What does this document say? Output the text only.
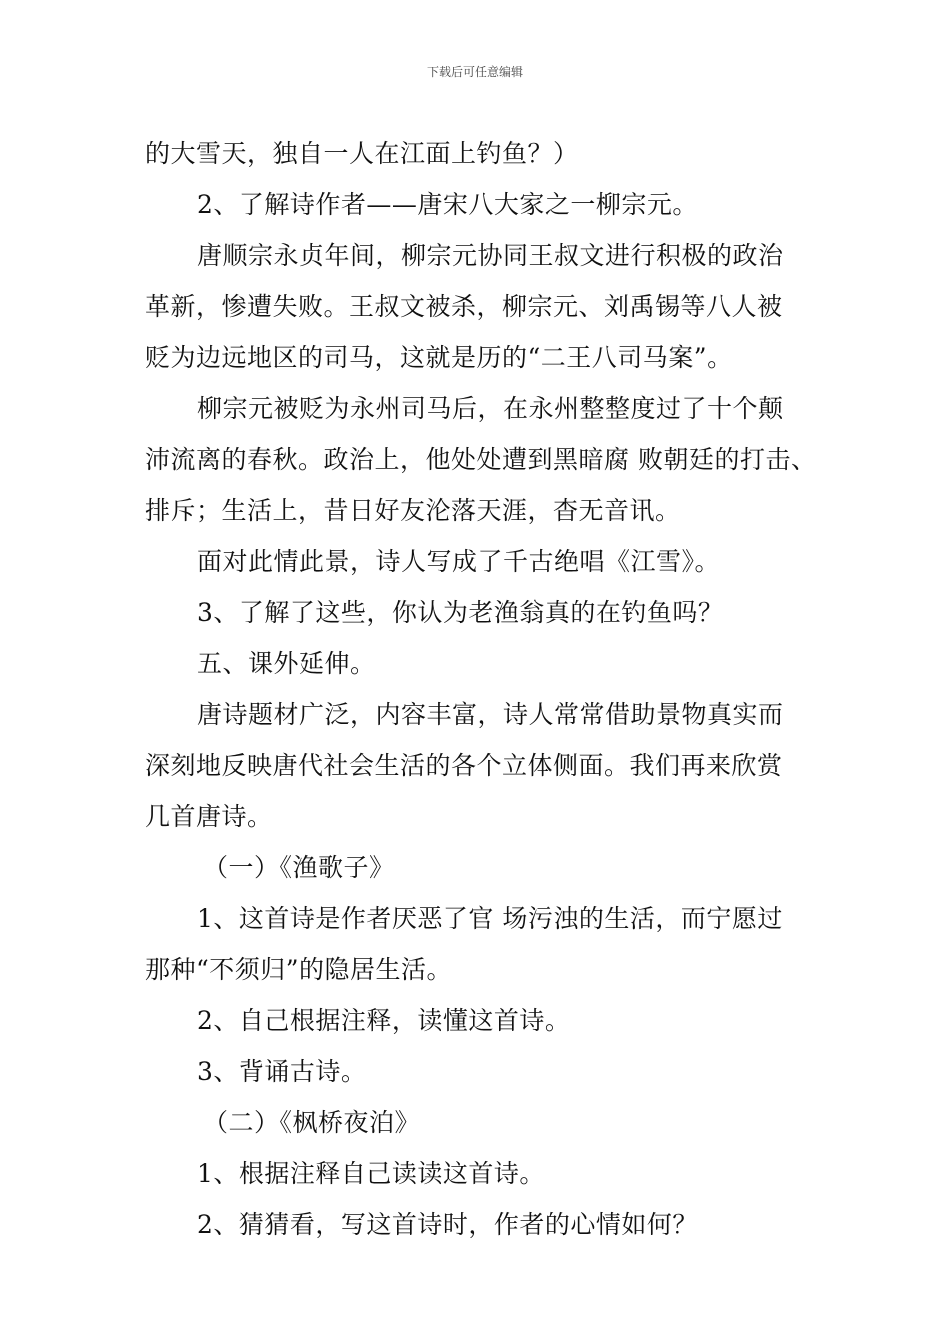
下载后可任意编辑
的大雪天，独自一人在江面上钓鱼？）
2、了解诗作者——唐宋八大家之一柳宗元。
唐顺宗永贞年间，柳宗元协同王叔文进行积极的政治
革新，惨遭失败。王叔文被杀，柳宗元、刘禹锡等八人被
贬为边远地区的司马，这就是历的“二王八司马案”。
柳宗元被贬为永州司马后，在永州整整度过了十个颠
沛流离的春秋。政治上，他处处遭到黑暗腐 败朝廷的打击、
排斥；生活上，昔日好友沦落天涯，杳无音讯。
面对此情此景，诗人写成了千古绝唱《江雪》。
3、了解了这些，你认为老渔翁真的在钓鱼吗？
五、课外延伸。
唐诗题材广泛，内容丰富，诗人常常借助景物真实而
深刻地反映唐代社会生活的各个立体侧面。我们再来欣赏
几首唐诗。
（一）《渔歌子》
1、这首诗是作者厌恶了官 场污浊的生活，而宁愿过
那种“不须归”的隐居生活。
2、自己根据注释，读懂这首诗。
3、背诵古诗。
（二）《枫桥夜泊》
1、根据注释自己读读这首诗。
2、猜猜看，写这首诗时，作者的心情如何？
